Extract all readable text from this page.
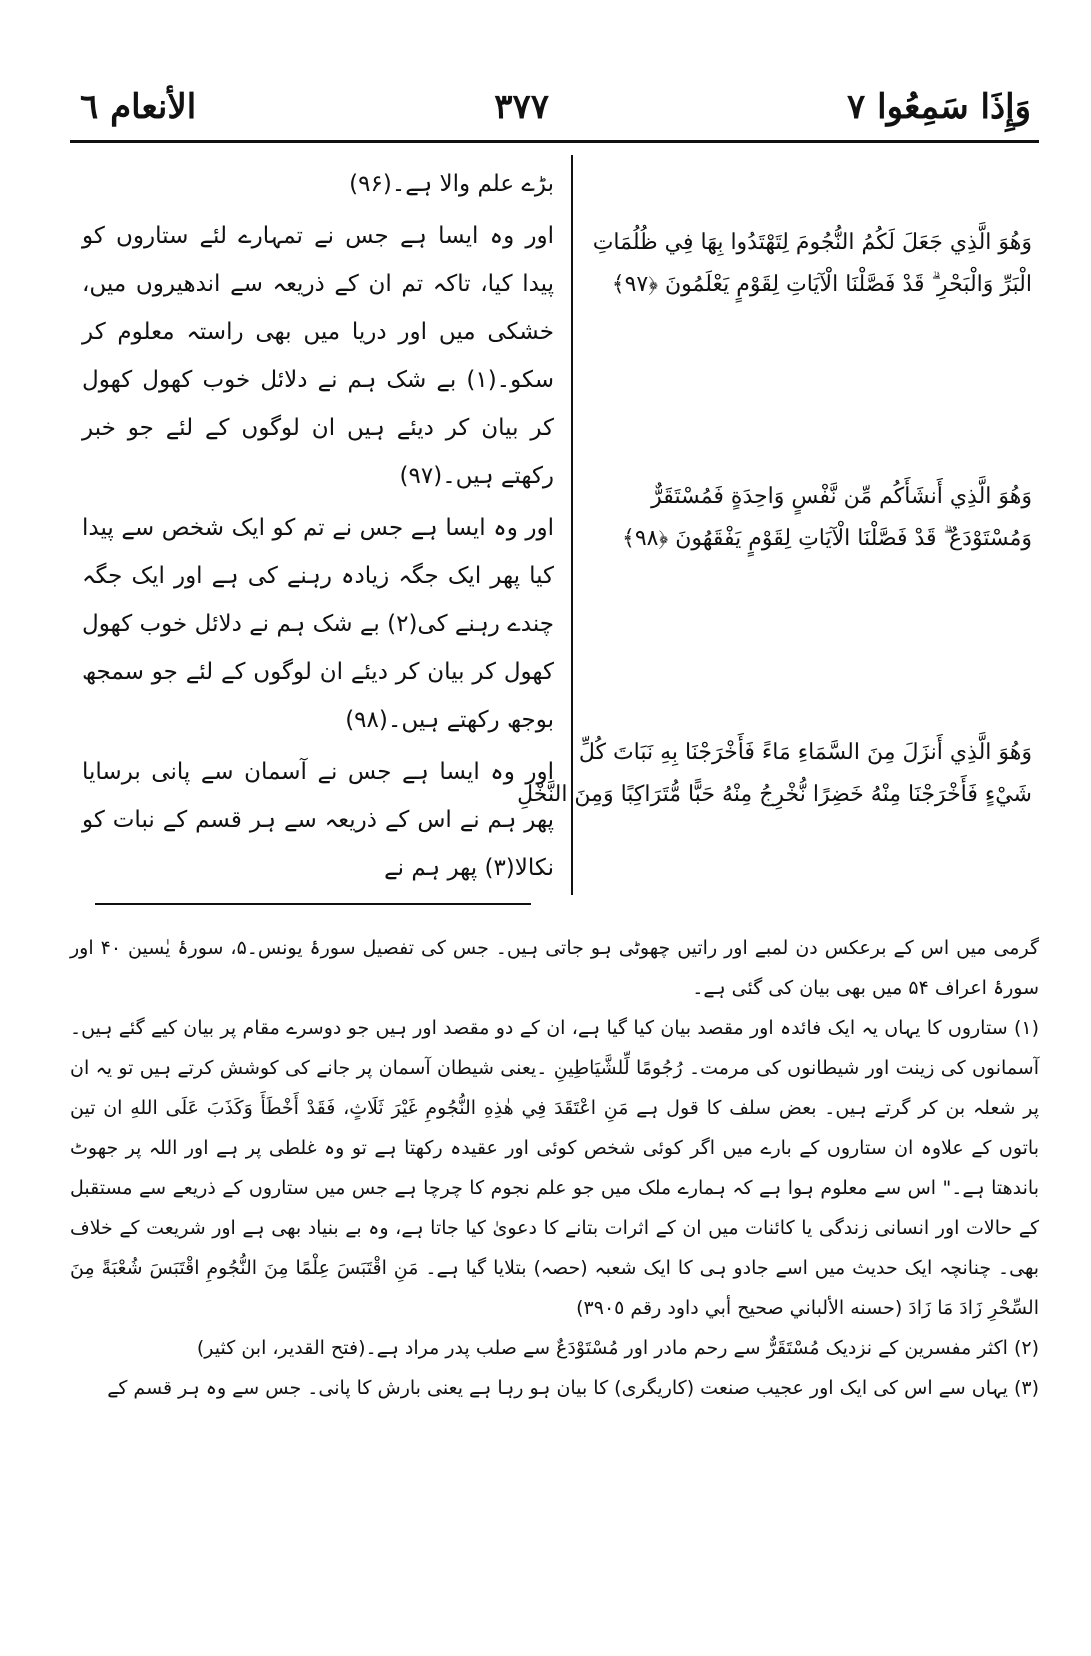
الأنعام ٦	٣٧٧	وَإِذَا سَمِعُوا ٧
وَهُوَ الَّذِي جَعَلَ لَكُمُ النُّجُومَ لِتَهْتَدُوا بِهَا فِي ظُلُمَاتِ
الْبَرِّ وَالْبَحْرِ ۗ قَدْ فَصَّلْنَا الْآيَاتِ لِقَوْمٍ يَعْلَمُونَ ﴿٩٧﴾
وَهُوَ الَّذِي أَنشَأَكُم مِّن نَّفْسٍ وَاحِدَةٍ فَمُسْتَقَرٌّ
وَمُسْتَوْدَعٌ ۗ قَدْ فَصَّلْنَا الْآيَاتِ لِقَوْمٍ يَفْقَهُونَ ﴿٩٨﴾
وَهُوَ الَّذِي أَنزَلَ مِنَ السَّمَاءِ مَاءً فَأَخْرَجْنَا بِهِ نَبَاتَ كُلِّ
شَيْءٍ فَأَخْرَجْنَا مِنْهُ خَضِرًا نُّخْرِجُ مِنْهُ حَبًّا مُّتَرَاكِبًا وَمِنَ النَّخْلِ

بڑے علم والا ہے۔(۹۶)

اور وہ ایسا ہے جس نے تمہارے لئے ستاروں کو پیدا کیا، تاکہ تم ان کے ذریعہ سے اندھیروں میں، خشکی میں اور دریا میں بھی راستہ معلوم کر سکو۔(۱) بے شک ہم نے دلائل خوب کھول کھول کر بیان کر دیئے ہیں ان لوگوں کے لئے جو خبر رکھتے ہیں۔(۹۷)

اور وہ ایسا ہے جس نے تم کو ایک شخص سے پیدا کیا پھر ایک جگہ زیادہ رہنے کی ہے اور ایک جگہ چندے رہنے کی(۲) بے شک ہم نے دلائل خوب کھول کھول کر بیان کر دیئے ان لوگوں کے لئے جو سمجھ بوجھ رکھتے ہیں۔(۹۸)

اور وہ ایسا ہے جس نے آسمان سے پانی برسایا پھر ہم نے اس کے ذریعہ سے ہر قسم کے نبات کو نکالا(۳) پھر ہم نے

گرمی میں اس کے برعکس دن لمبے اور راتیں چھوٹی ہو جاتی ہیں۔ جس کی تفصیل سورۂ یونس۔۵، سورۂ یٰسین ۴۰ اور سورۂ اعراف ۵۴ میں بھی بیان کی گئی ہے۔

(۱) ستاروں کا یہاں یہ ایک فائدہ اور مقصد بیان کیا گیا ہے، ان کے دو مقصد اور ہیں جو دوسرے مقام پر بیان کیے گئے ہیں۔ آسمانوں کی زینت اور شیطانوں کی مرمت۔ رُجُومًا لِّلشَّيَاطِينِ ۔یعنی شیطان آسمان پر جانے کی کوشش کرتے ہیں تو یہ ان پر شعلہ بن کر گرتے ہیں۔ بعض سلف کا قول ہے مَنِ اعْتَقَدَ فِي هٰذِهِ النُّجُومِ غَيْرَ ثَلَاثٍ، فَقَدْ أَخْطَأَ وَكَذَبَ عَلَى اللهِ ان تین باتوں کے علاوہ ان ستاروں کے بارے میں اگر کوئی شخص کوئی اور عقیدہ رکھتا ہے تو وہ غلطی پر ہے اور اللہ پر جھوٹ باندھتا ہے۔" اس سے معلوم ہوا ہے کہ ہمارے ملک میں جو علم نجوم کا چرچا ہے جس میں ستاروں کے ذریعے سے مستقبل کے حالات اور انسانی زندگی یا کائنات میں ان کے اثرات بتانے کا دعویٰ کیا جاتا ہے، وہ بے بنیاد بھی ہے اور شریعت کے خلاف بھی۔ چنانچہ ایک حدیث میں اسے جادو ہی کا ایک شعبہ (حصہ) بتلایا گیا ہے۔ مَنِ اقْتَبَسَ عِلْمًا مِنَ النُّجُومِ اقْتَبَسَ شُعْبَةً مِنَ السِّحْرِ زَادَ مَا زَادَ (حسنه الألباني صحيح أبي داود رقم ٣٩٠٥)

(۲) اکثر مفسرین کے نزدیک مُسْتَقَرٌّ سے رحم مادر اور مُسْتَوْدَعٌ سے صلب پدر مراد ہے۔(فتح القدیر، ابن کثیر)

(۳) یہاں سے اس کی ایک اور عجیب صنعت (کاریگری) کا بیان ہو رہا ہے یعنی بارش کا پانی۔ جس سے وہ ہر قسم کے
